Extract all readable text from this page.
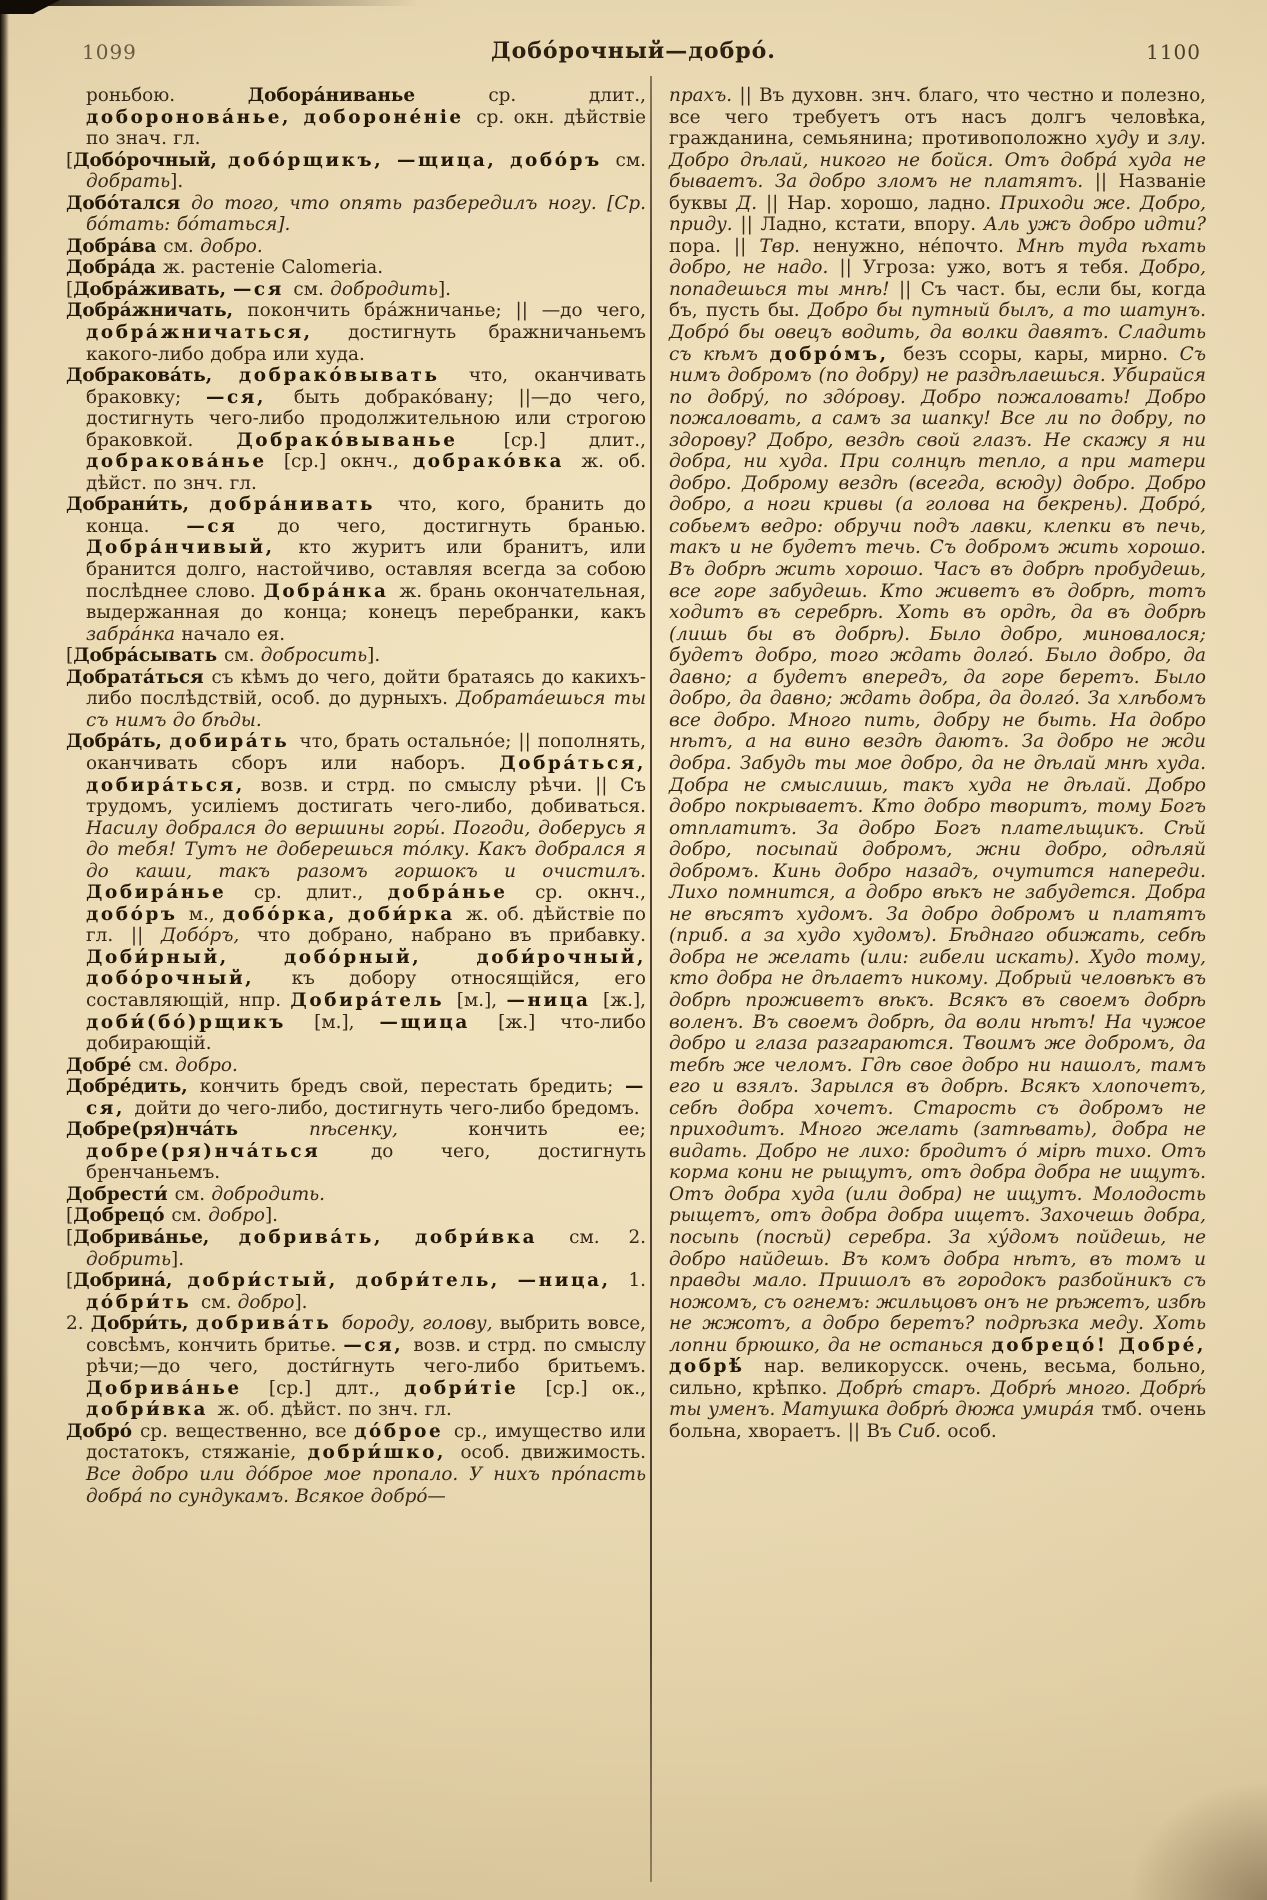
1099	Добо́рочный—добро́.	1100

роньбою. Добора́ниванье ср. длит., доборонова́нье, дοбороне́ніе ср. окн. дѣйствіе по знач. гл.

[Добо́рочный, добо́рщикъ, —щица, добо́ръ см. добрать].

Добо́тался до того, что опять разбередилъ ногу. [Ср. бо́тать: бо́таться].

Добра́ва см. добро.

Добра́да ж. растеніе Calomeria.

[Добра́живать, —ся см. добродить].

Добра́жничать, покончить бра́жничанье; || —до чего, добра́жничаться, достигнуть бражничаньемъ какого-либо добра или худа.

Добракова́ть, добрако́вывать что, оканчивать браковку; —ся, быть добрако́вану; ||—до чего, достигнуть чего-либо продолжительною или строгою браковкой. Добрако́выванье [ср.] длит., добракова́нье [ср.] окнч., добрако́вка ж. об. дѣйст. по знч. гл.

Добрани́ть, добра́нивать что, кого, бранить до конца. —ся до чего, достигнуть бранью. Добра́нчивый, кто журитъ или бранитъ, или бранится долго, настойчиво, оставляя всегда за собою послѣднее слово. Добра́нка ж. брань окончательная, выдержанная до конца; конецъ перебранки, какъ забра́нка начало ея.

[Добра́сывать см. добросить].

Добрата́ться съ кѣмъ до чего, дойти братаясь до какихъ-либо послѣдствій, особ. до дурныхъ. Добрата́ешься ты съ нимъ до бѣды.

Добра́ть, добира́ть что, брать остально́е; || пополнять, оканчивать сборъ или наборъ. Добра́ться, добира́ться, возв. и стрд. по смыслу рѣчи. || Съ трудомъ, усиліемъ достигать чего-либо, добиваться. Насилу добрался до вершины горы́. Погоди, доберусь я до тебя! Тутъ не доберешься то́лку. Какъ добрался я до каши, такъ разомъ горшокъ и очистилъ. Добира́нье ср. длит., добра́нье ср. окнч., добо́ръ м., добо́рка, доби́рка ж. об. дѣйствіе по гл. || Добо́ръ, что добрано, набрано въ прибавку. Доби́рный, добо́рный, доби́рочный, добо́рочный, къ добору относящійся, его составляющій, нпр. Добира́тель [м.], —ница [ж.], доби́(бо́)рщикъ [м.], —щица [ж.] что-либо добирающій.

Добре́ см. добро.

Добре́дить, кончить бредъ свой, перестать бредить; —ся, дойти до чего-либо, достигнуть чего-либо бредомъ.

Добре(ря)нча́ть пѣсенку, кончить ее; добре(ря)нча́ться до чего, достигнуть бренчаньемъ.

Добрести́ см. добродить.

[Добрецо́ см. добро].

[Добрива́нье, добрива́ть, добри́вка см. 2. добрить].

[Добрина́, добри́стый, добри́тель, —ница, 1. до́бри́ть см. добро].

2. Добри́ть, добрива́ть бороду, голову, выбрить вовсе, совсѣмъ, кончить бритье. —ся, возв. и стрд. по смыслу рѣчи;—до чего, дости́гнуть чего-либо бритьемъ. Добрива́нье [ср.] длт., добри́тіе [ср.] ок., добри́вка ж. об. дѣйст. по знч. гл.

Добро́ ср. вещественно, все до́брое ср., имущество или достатокъ, стяжаніе, добри́шко, особ. движимость. Все добро или до́брое мое пропало. У нихъ про́пасть добра́ по сундукамъ. Всякое добро́—

прахъ. || Въ духовн. знч. благо, что честно и полезно, все чего требуетъ отъ насъ долгъ человѣка, гражданина, семьянина; противоположно худу и злу. Добро дѣлай, никого не бойся. Отъ добра́ худа не бываетъ. За добро зломъ не платятъ. || Названіе буквы Д. || Нар. хорошо, ладно. Приходи же. Добро, приду. || Ладно, кстати, впору. Аль ужъ добро идти? пора. || Твр. ненужно, не́почто. Мнѣ туда ѣхать добро, не надо. || Угроза: ужо, вотъ я тебя. Добро, попадешься ты мнѣ! || Съ част. бы, если бы, когда бъ, пусть бы. Добро бы путный былъ, а то шатунъ. Добро́ бы овецъ водить, да волки давятъ. Сладить съ кѣмъ добро́мъ, безъ ссоры, кары, мирно. Съ нимъ добромъ (по добру) не раздѣлаешься. Убирайся по добру́, по здо́рову. Добро пожаловать! Добро пожаловать, а самъ за шапку! Все ли по добру, по здорову? Добро, вездѣ свой глазъ. Не скажу я ни добра, ни худа. При солнцѣ тепло, а при матери добро. Доброму вездѣ (всегда, всюду) добро. Добро добро, а ноги кривы (а голова на бекрень). Добро́, собьемъ ведро: обручи подъ лавки, клепки въ печь, такъ и не будетъ течь. Съ добромъ жить хорошо. Въ добрѣ жить хорошо. Часъ въ добрѣ пробудешь, все горе забудешь. Кто живетъ въ добрѣ, тотъ ходитъ въ серебрѣ. Хоть въ ордѣ, да въ добрѣ (лишь бы въ добрѣ). Было добро, миновалося; будетъ добро, того ждать долго́. Было добро, да давно; а будетъ впередъ, да горе беретъ. Было добро, да давно; ждать добра, да долго́. За хлѣбомъ все добро. Много пить, добру не быть. На добро нѣтъ, а на вино вездѣ даютъ. За добро не жди добра. Забудь ты мое добро, да не дѣлай мнѣ худа. Добра не смыслишь, такъ худа не дѣлай. Добро добро покрываетъ. Кто добро творитъ, тому Богъ отплатитъ. За добро Богъ плательщикъ. Сѣй добро, посыпай добромъ, жни добро, одѣляй добромъ. Кинь добро назадъ, очутится напереди. Лихо помнится, а добро вѣкъ не забудется. Добра не вѣсятъ худомъ. За добро добромъ и платятъ (приб. а за худо худомъ). Бѣднаго обижать, себѣ добра не желать (или: гибели искать). Худо тому, кто добра не дѣлаетъ никому. Добрый человѣкъ въ добрѣ проживетъ вѣкъ. Всякъ въ своемъ добрѣ воленъ. Въ своемъ добрѣ, да воли нѣтъ! На чужое добро и глаза разгараются. Твоимъ же добромъ, да тебѣ же челомъ. Гдѣ свое добро ни нашолъ, тамъ его и взялъ. Зарылся въ добрѣ. Всякъ хлопочетъ, себѣ добра хочетъ. Старость съ добромъ не приходитъ. Много желать (затѣвать), добра не видать. Добро не лихо: бродитъ о́ мірѣ тихо. Отъ корма кони не рыщутъ, отъ добра добра не ищутъ. Отъ добра худа (или добра) не ищутъ. Молодость рыщетъ, отъ добра добра ищетъ. Захочешь добра, посыпь (посѣй) серебра. За ху́домъ пойдешь, не добро найдешь. Въ комъ добра нѣтъ, въ томъ и правды мало. Пришолъ въ городокъ разбойникъ съ ножомъ, съ огнемъ: жильцовъ онъ не рѣжетъ, избѣ не жжотъ, а добро беретъ? подрѣзка меду. Хоть лопни брюшко, да не останься добрецо́! Добре́, добрѣ́ нар. великорусск. очень, весьма, больно, сильно, крѣпко. Добрѣ́ старъ. Добрѣ́ много. Добрѣ́ ты уменъ. Матушка добрѣ́ дюжа умира́я тмб. очень больна, хвораетъ. || Въ Сиб. особ.
